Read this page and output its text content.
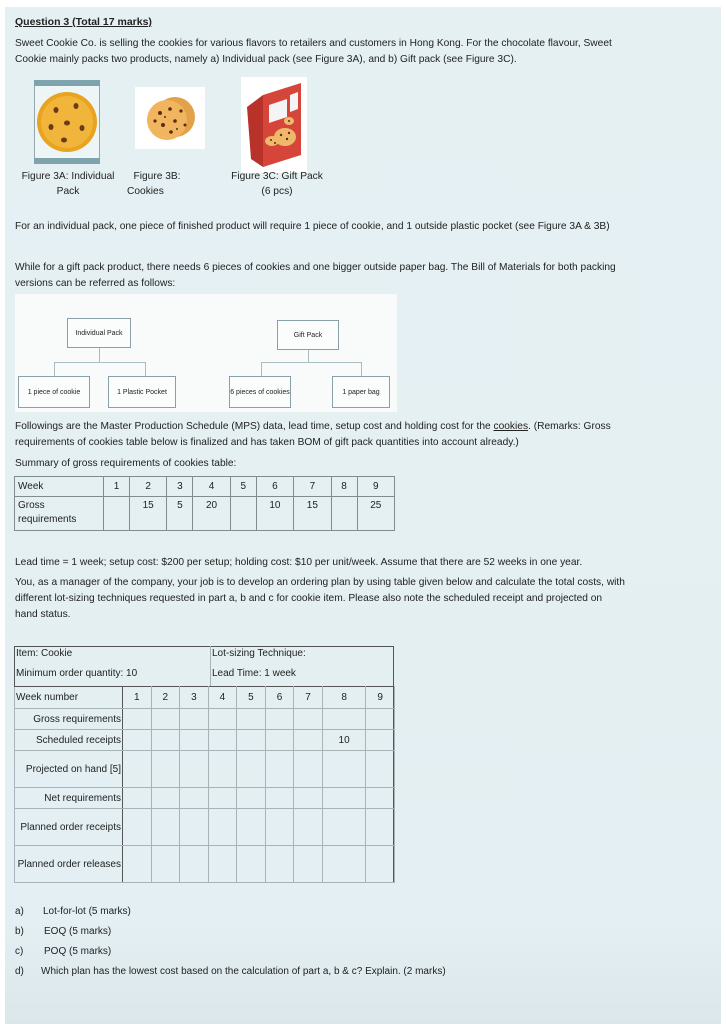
Question 3 (Total 17 marks)
Sweet Cookie Co. is selling the cookies for various flavors to retailers and customers in Hong Kong. For the chocolate flavour, Sweet
Cookie mainly packs two products, namely a) Individual pack (see Figure 3A), and b) Gift pack (see Figure 3C).
Figure 3A: Individual
Pack
Figure 3B:
Cookies
Figure 3C: Gift Pack
(6 pcs)
For an individual pack, one piece of finished product will require 1 piece of cookie, and 1 outside plastic pocket (see Figure 3A & 3B)
While for a gift pack product, there needs 6 pieces of cookies and one bigger outside paper bag. The Bill of Materials for both packing
versions can be referred as follows:
Individual Pack
1 piece of cookie	1 Plastic Pocket
Gift Pack
6 pieces of cookies	1 paper bag
Followings are the Master Production Schedule (MPS) data, lead time, setup cost and holding cost for the cookies. (Remarks: Gross
requirements of cookies table below is finalized and has taken BOM of gift pack quantities into account already.)
Summary of gross requirements of cookies table:
Week	1	2	3	4	5	6	7	8	9
Gross requirements		15	5	20		10	15		25
Lead time = 1 week; setup cost: $200 per setup; holding cost: $10 per unit/week. Assume that there are 52 weeks in one year.
You, as a manager of the company, your job is to develop an ordering plan by using table given below and calculate the total costs, with
different lot-sizing techniques requested in part a, b and c for cookie item. Please also note the scheduled receipt and projected on
hand status.
Item: Cookie
Minimum order quantity: 10
Lot-sizing Technique:
Lead Time: 1 week
Week number	1	2	3	4	5	6	7	8	9
Gross requirements									
Scheduled receipts								10	
Projected on hand [5]									
Net requirements									
Planned order receipts									
Planned order releases									
a) Lot-for-lot (5 marks)
b) EOQ (5 marks)
c) POQ (5 marks)
d) Which plan has the lowest cost based on the calculation of part a, b & c? Explain. (2 marks)
